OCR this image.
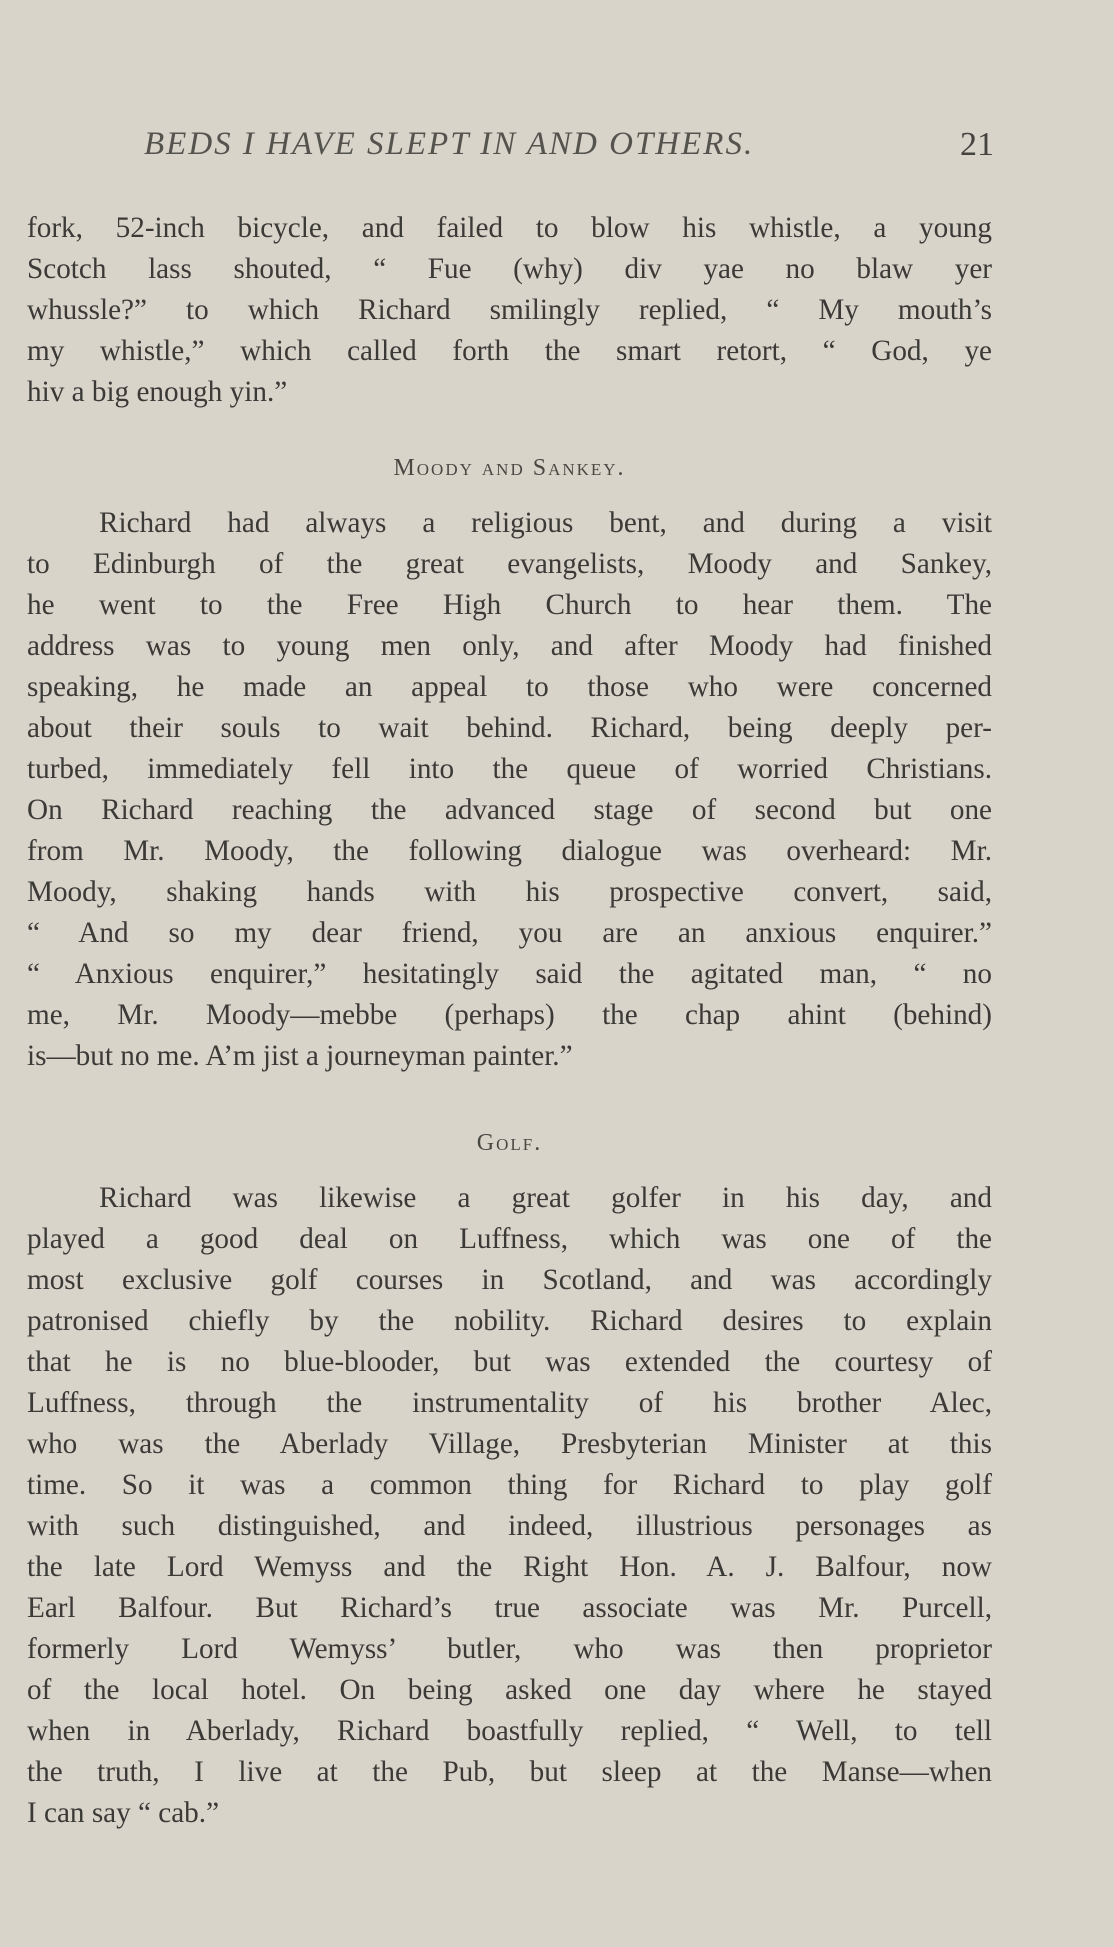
BEDS I HAVE SLEPT IN AND OTHERS.	21
fork, 52-inch bicycle, and failed to blow his whistle, a young
Scotch lass shouted, “ Fue (why) div yae no blaw yer
whussle?” to which Richard smilingly replied, “ My mouth’s
my whistle,” which called forth the smart retort, “ God, ye
hiv a big enough yin.”
Moody and Sankey.
Richard had always a religious bent, and during a visit
to Edinburgh of the great evangelists, Moody and Sankey,
he went to the Free High Church to hear them. The
address was to young men only, and after Moody had finished
speaking, he made an appeal to those who were concerned
about their souls to wait behind. Richard, being deeply per-
turbed, immediately fell into the queue of worried Christians.
On Richard reaching the advanced stage of second but one
from Mr. Moody, the following dialogue was overheard: Mr.
Moody, shaking hands with his prospective convert, said,
“ And so my dear friend, you are an anxious enquirer.”
“ Anxious enquirer,” hesitatingly said the agitated man, “ no
me, Mr. Moody—mebbe (perhaps) the chap ahint (behind)
is—but no me. A’m jist a journeyman painter.”
Golf.
Richard was likewise a great golfer in his day, and
played a good deal on Luffness, which was one of the
most exclusive golf courses in Scotland, and was accordingly
patronised chiefly by the nobility. Richard desires to explain
that he is no blue-blooder, but was extended the courtesy of
Luffness, through the instrumentality of his brother Alec,
who was the Aberlady Village, Presbyterian Minister at this
time. So it was a common thing for Richard to play golf
with such distinguished, and indeed, illustrious personages as
the late Lord Wemyss and the Right Hon. A. J. Balfour, now
Earl Balfour. But Richard’s true associate was Mr. Purcell,
formerly Lord Wemyss’ butler, who was then proprietor
of the local hotel. On being asked one day where he stayed
when in Aberlady, Richard boastfully replied, “ Well, to tell
the truth, I live at the Pub, but sleep at the Manse—when
I can say “ cab.”
